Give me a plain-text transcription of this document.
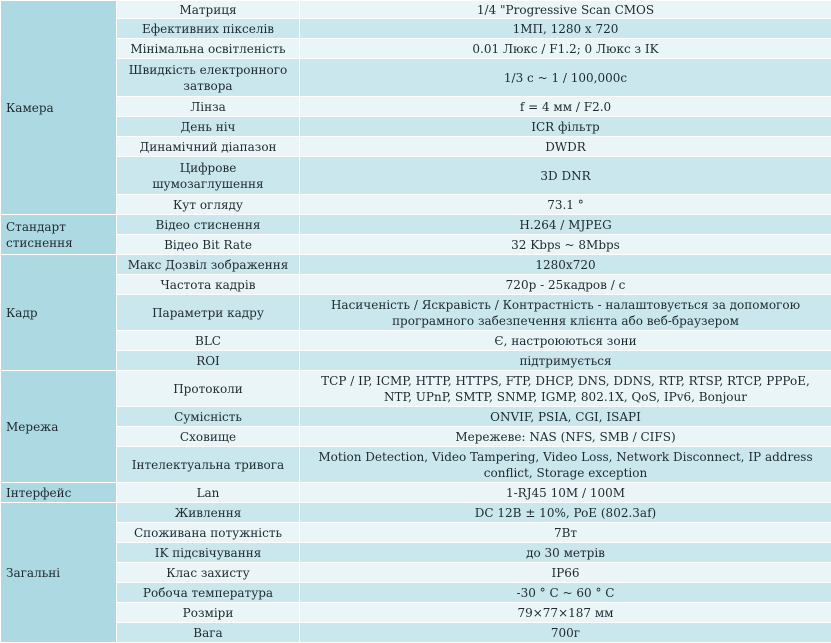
Камера	Матриця	1/4 "Progressive Scan CMOS
	Ефективних пікселів	1МП, 1280 x 720
	Мінімальна освітленість	0.01 Люкс / F1.2; 0 Люкс з IK
	Швидкість електронного затвора	1/3 с ~ 1 / 100,000с
	Лінза	f = 4 мм / F2.0
	День ніч	ICR фільтр
	Динамічний діапазон	DWDR
	Цифрове шумозаглушення	3D DNR
	Кут огляду	73.1 °
Стандарт стиснення	Відео стиснення	H.264 / MJPEG
	Відео Bit Rate	32 Kbps ~ 8Mbps
Кадр	Макс Дозвіл зображення	1280x720
	Частота кадрів	720p - 25кадров / с
	Параметри кадру	Насиченість / Яскравість / Контрастність - налаштовується за допомогою програмного забезпечення клієнта або веб-браузером
	BLC	Є, настроюються зони
	ROI	підтримується
Мережа	Протоколи	TCP / IP, ICMP, HTTP, HTTPS, FTP, DHCP, DNS, DDNS, RTP, RTSP, RTCP, PPPoE, NTP, UPnP, SMTP, SNMP, IGMP, 802.1X, QoS, IPv6, Bonjour
	Сумісність	ONVIF, PSIA, CGI, ISAPI
	Сховище	Мережеве: NAS (NFS, SMB / CIFS)
	Інтелектуальна тривога	Motion Detection, Video Tampering, Video Loss, Network Disconnect, IP address conflict, Storage exception
Інтерфейс	Lan	1-RJ45 10M / 100M
Загальні	Живлення	DC 12В ± 10%, PoE (802.3af)
	Споживана потужність	7Вт
	IK підсвічування	до 30 метрів
	Клас захисту	IP66
	Робоча температура	-30 ° C ~ 60 ° C
	Розміри	79×77×187 мм
	Вага	700г
